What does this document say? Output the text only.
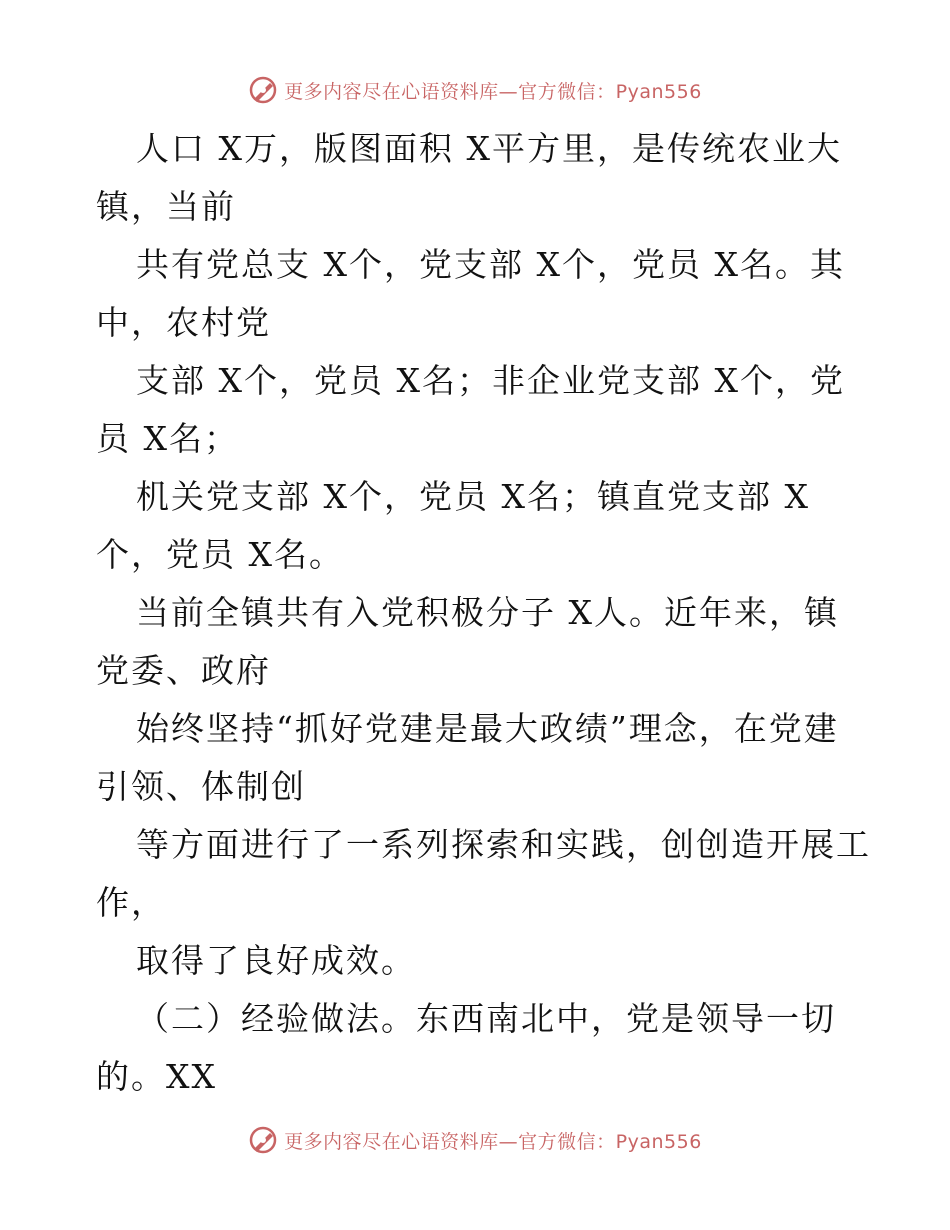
更多内容尽在心语资料库—官方微信：Pyan556
人口 X万，版图面积 X平方里，是传统农业大
镇，当前
共有党总支 X个，党支部 X个，党员 X名。其
中，农村党
支部 X个，党员 X名；非企业党支部 X个，党
员 X名；
机关党支部 X个，党员 X名；镇直党支部 X
个，党员 X名。
当前全镇共有入党积极分子 X人。近年来，镇
党委、政府
始终坚持“抓好党建是最大政绩”理念，在党建
引领、体制创
等方面进行了一系列探索和实践，创创造开展工
作，
取得了良好成效。
（二）经验做法。东西南北中，党是领导一切
的。XX
更多内容尽在心语资料库—官方微信：Pyan556
